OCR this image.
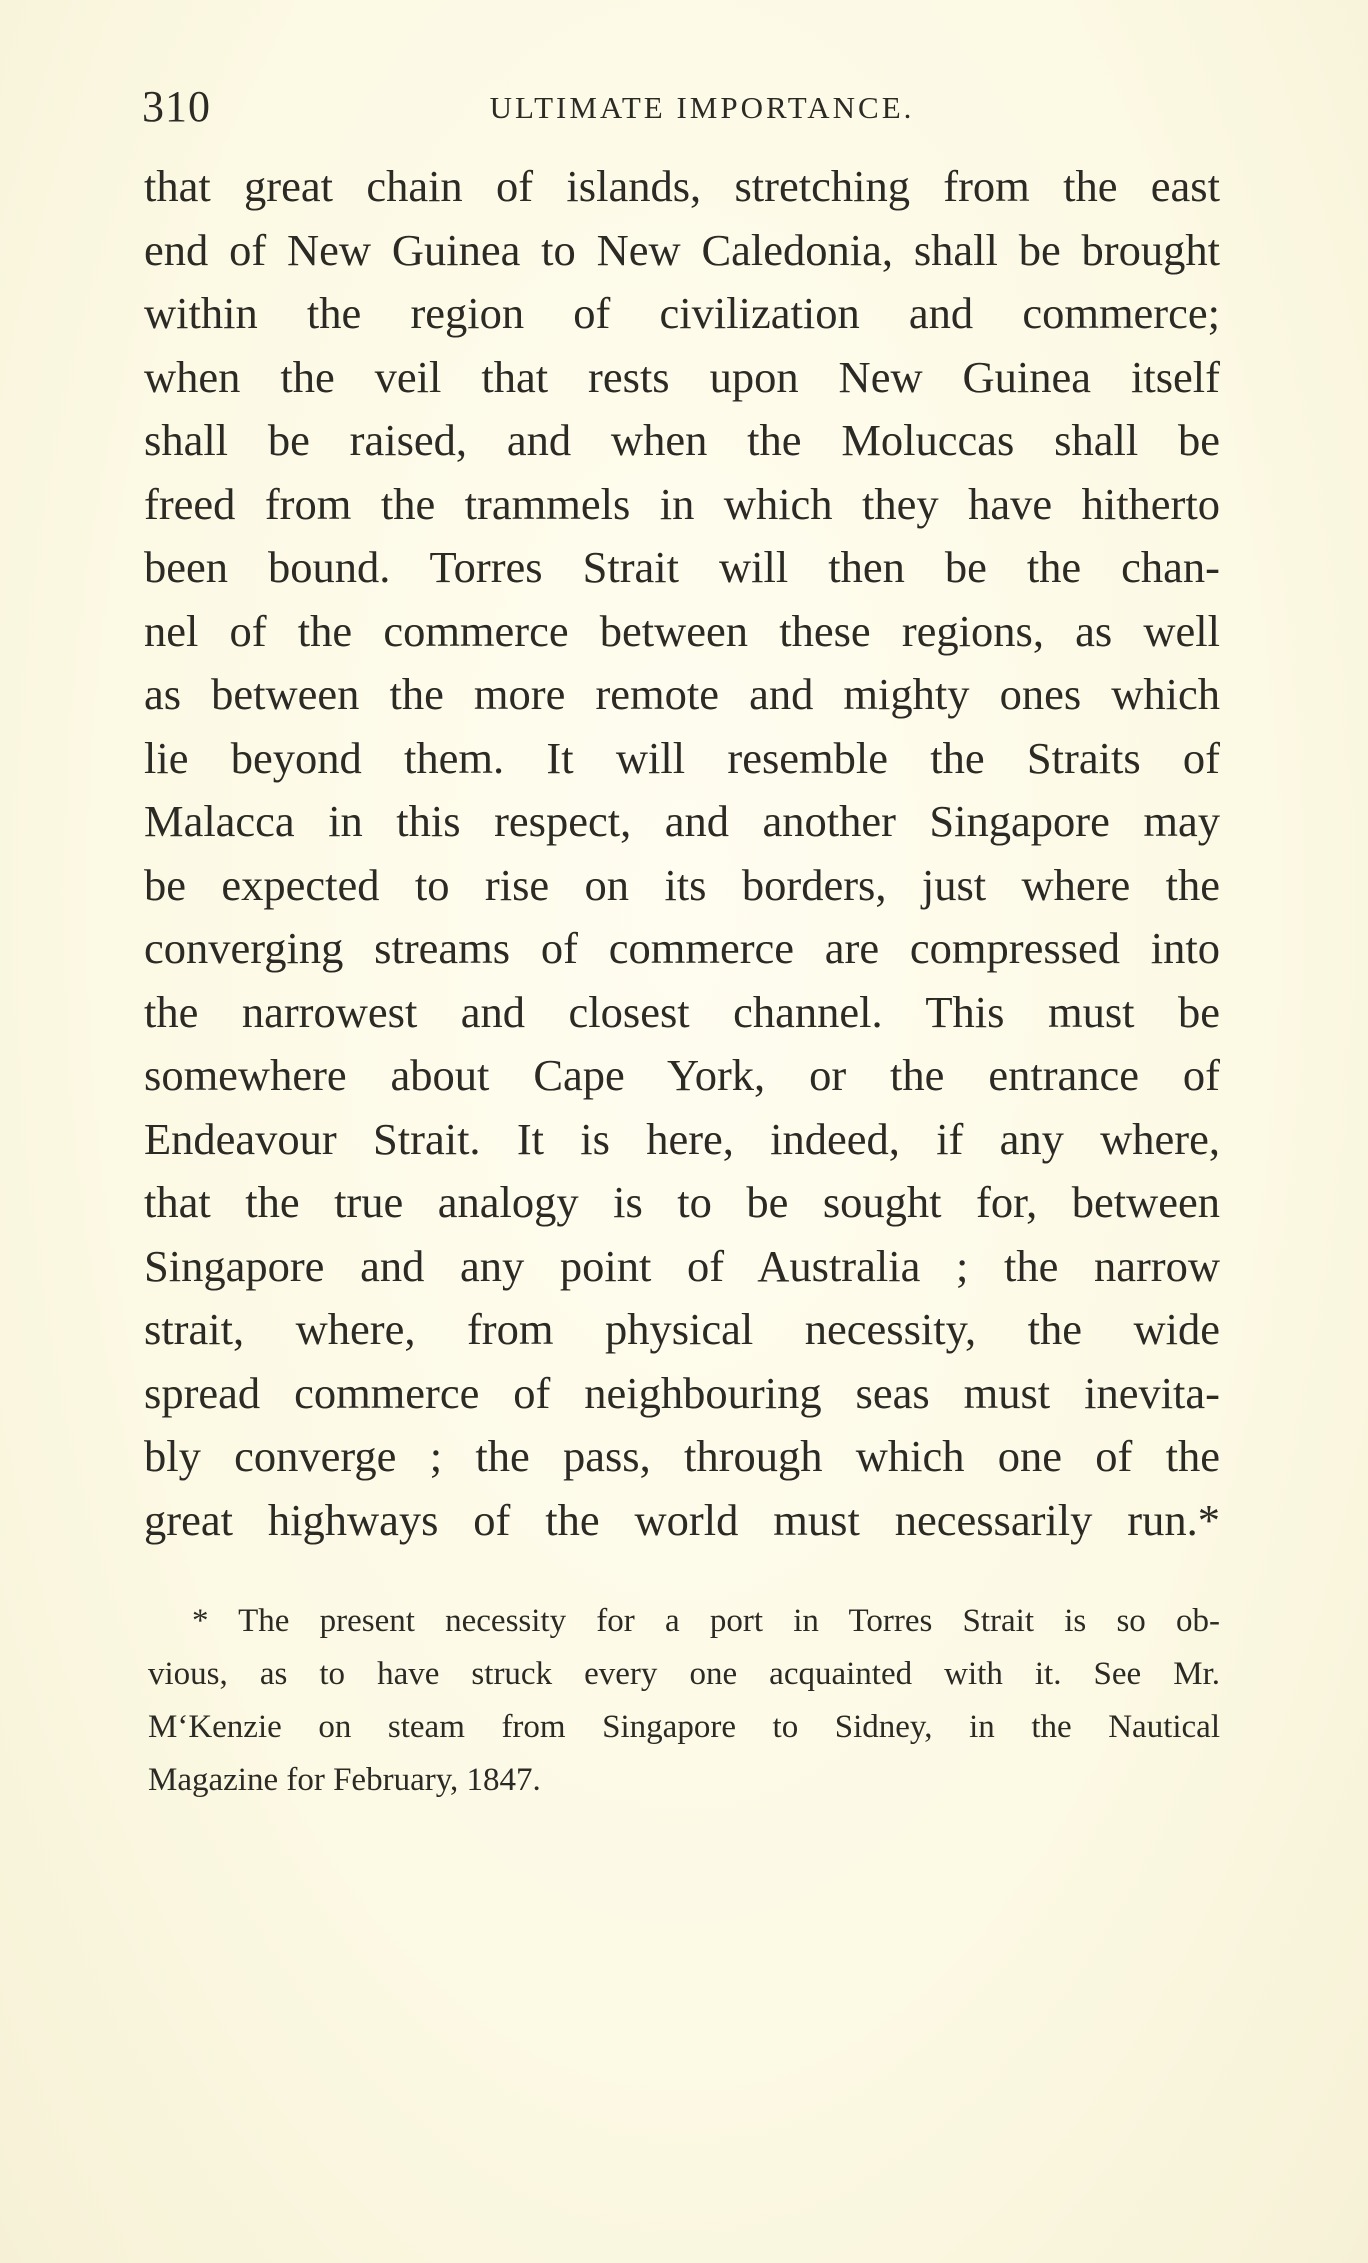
310	ULTIMATE IMPORTANCE.
that great chain of islands, stretching from the east
end of New Guinea to New Caledonia, shall be brought
within the region of civilization and commerce;
when the veil that rests upon New Guinea itself
shall be raised, and when the Moluccas shall be
freed from the trammels in which they have hitherto
been bound. Torres Strait will then be the chan-
nel of the commerce between these regions, as well
as between the more remote and mighty ones which
lie beyond them. It will resemble the Straits of
Malacca in this respect, and another Singapore may
be expected to rise on its borders, just where the
converging streams of commerce are compressed into
the narrowest and closest channel. This must be
somewhere about Cape York, or the entrance of
Endeavour Strait. It is here, indeed, if any where,
that the true analogy is to be sought for, between
Singapore and any point of Australia ; the narrow
strait, where, from physical necessity, the wide
spread commerce of neighbouring seas must inevita-
bly converge ; the pass, through which one of the
great highways of the world must necessarily run.*
* The present necessity for a port in Torres Strait is so ob-
vious, as to have struck every one acquainted with it. See Mr.
M‘Kenzie on steam from Singapore to Sidney, in the Nautical
Magazine for February, 1847.
